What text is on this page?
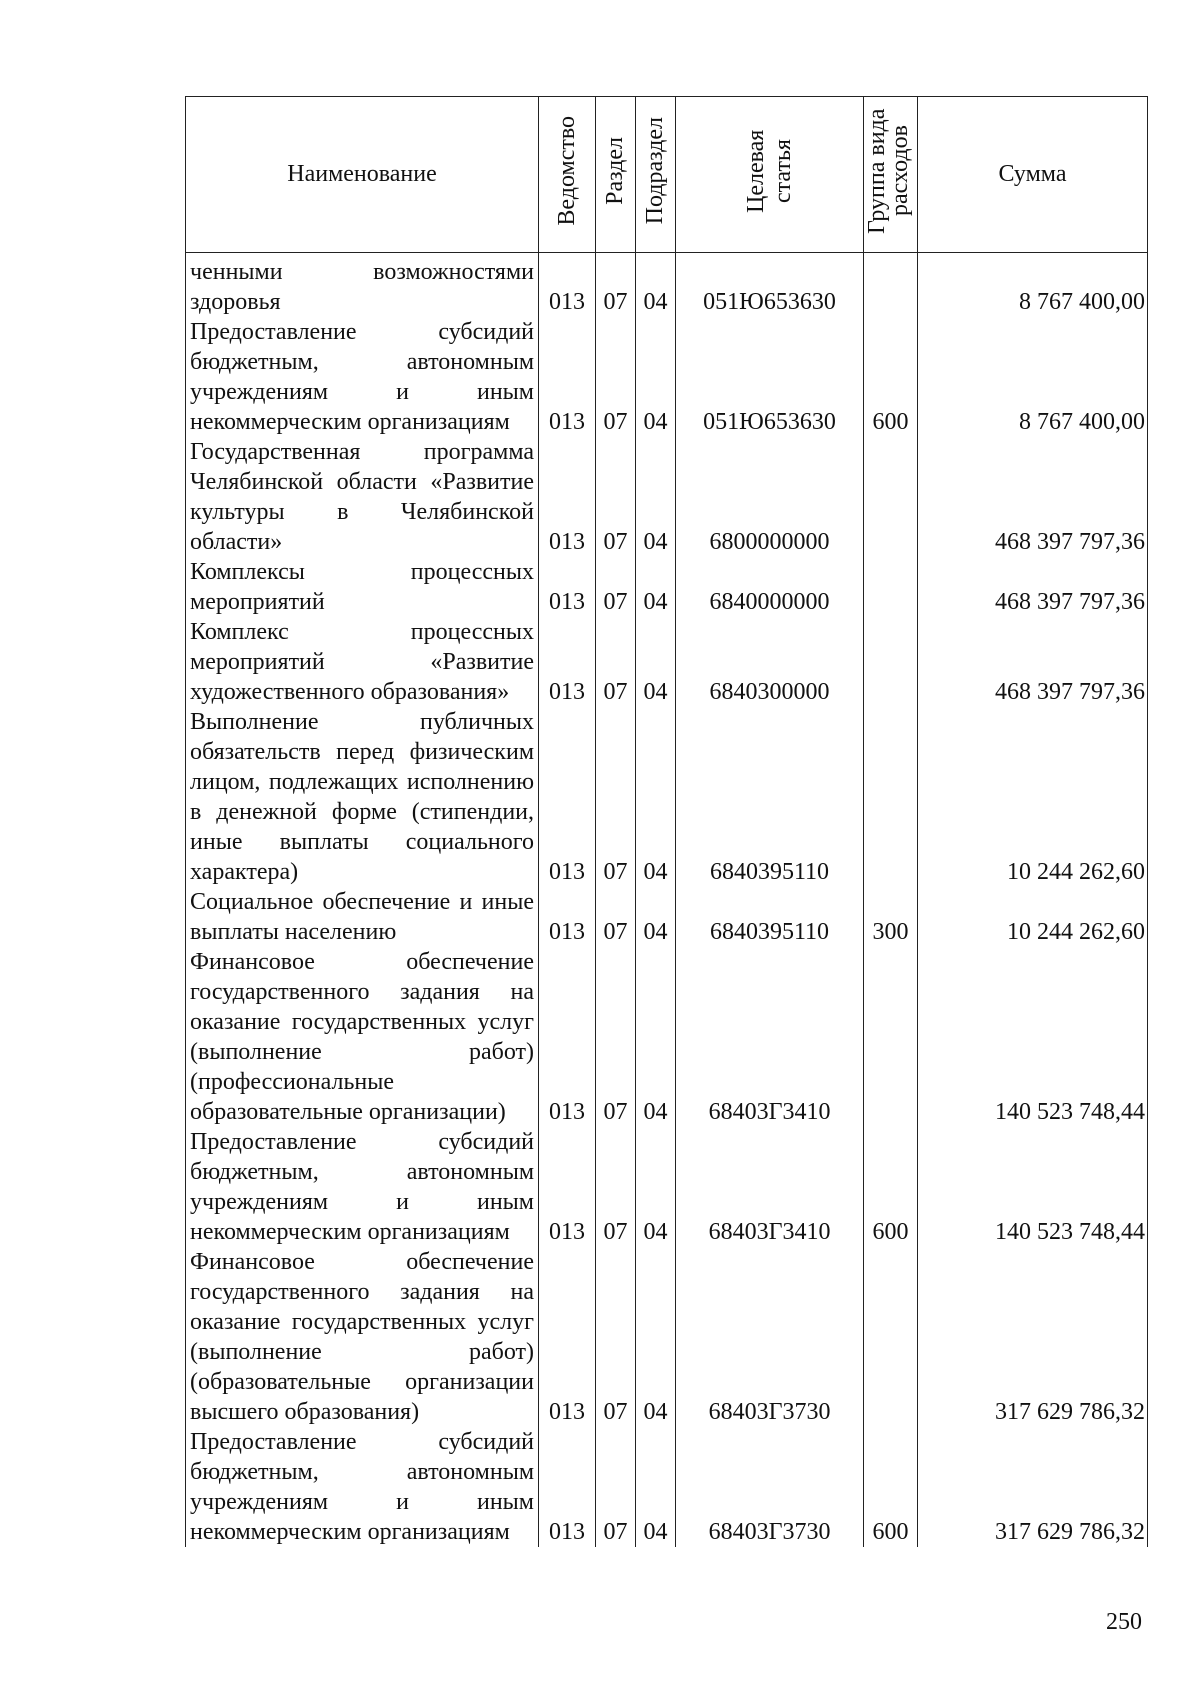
Наименование	Ведомство	Раздел	Подраздел	Целевая статья	Группа вида расходов	Сумма
ченными возможностями здоровья	013	07	04	051Ю653630		8 767 400,00
Предоставление субсидий бюджетным, автономным учреждениям и иным некоммерческим организациям	013	07	04	051Ю653630	600	8 767 400,00
Государственная программа Челябинской области «Развитие культуры в Челябинской области»	013	07	04	6800000000		468 397 797,36
Комплексы процессных мероприятий	013	07	04	6840000000		468 397 797,36
Комплекс процессных мероприятий «Развитие художественного образования»	013	07	04	6840300000		468 397 797,36
Выполнение публичных обязательств перед физическим лицом, подлежащих исполнению в денежной форме (стипендии, иные выплаты социального характера)	013	07	04	6840395110		10 244 262,60
Социальное обеспечение и иные выплаты населению	013	07	04	6840395110	300	10 244 262,60
Финансовое обеспечение государственного задания на оказание государственных услуг (выполнение работ) (профессиональные образовательные организации)	013	07	04	68403Г3410		140 523 748,44
Предоставление субсидий бюджетным, автономным учреждениям и иным некоммерческим организациям	013	07	04	68403Г3410	600	140 523 748,44
Финансовое обеспечение государственного задания на оказание государственных услуг (выполнение работ) (образовательные организации высшего образования)	013	07	04	68403Г3730		317 629 786,32
Предоставление субсидий бюджетным, автономным учреждениям и иным некоммерческим организациям	013	07	04	68403Г3730	600	317 629 786,32
250
